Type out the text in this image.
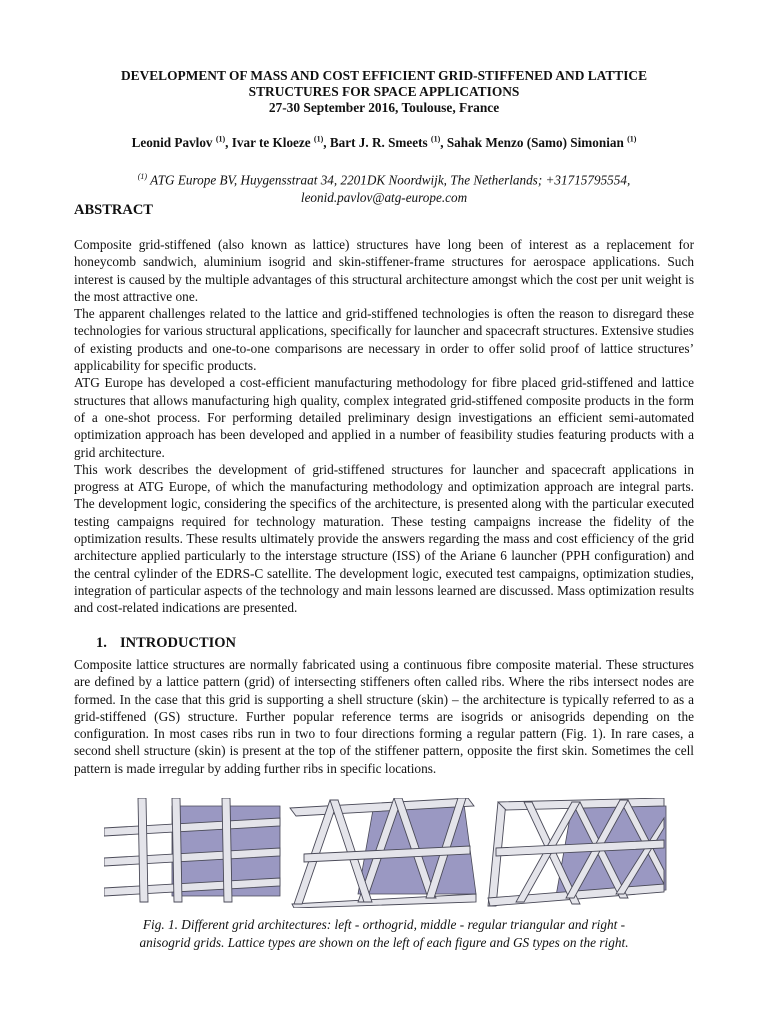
DEVELOPMENT OF MASS AND COST EFFICIENT GRID-STIFFENED AND LATTICE
STRUCTURES FOR SPACE APPLICATIONS
27-30 September 2016, Toulouse, France
Leonid Pavlov $^{(1)}$, Ivar te Kloeze $^{(1)}$, Bart J. R. Smeets $^{(1)}$, Sahak Menzo (Samo) Simonian $^{(1)}$
$^{(1)}$ ATG Europe BV, Huygensstraat 34, 2201DK Noordwijk, The Netherlands; +31715795554,
leonid.pavlov@atg-europe.com
ABSTRACT

Composite grid-stiffened (also known as lattice) structures have long been of interest as a replacement for honeycomb sandwich, aluminium isogrid and skin-stiffener-frame structures for aerospace applications. Such interest is caused by the multiple advantages of this structural architecture amongst which the cost per unit weight is the most attractive one.

The apparent challenges related to the lattice and grid-stiffened technologies is often the reason to disregard these technologies for various structural applications, specifically for launcher and spacecraft structures. Extensive studies of existing products and one-to-one comparisons are necessary in order to offer solid proof of lattice structures’ applicability for specific products.

ATG Europe has developed a cost-efficient manufacturing methodology for fibre placed grid-stiffened and lattice structures that allows manufacturing high quality, complex integrated grid-stiffened composite products in the form of a one-shot process. For performing detailed preliminary design investigations an efficient semi-automated optimization approach has been developed and applied in a number of feasibility studies featuring products with a grid architecture.

This work describes the development of grid-stiffened structures for launcher and spacecraft applications in progress at ATG Europe, of which the manufacturing methodology and optimization approach are integral parts. The development logic, considering the specifics of the architecture, is presented along with the particular executed testing campaigns required for technology maturation. These testing campaigns increase the fidelity of the optimization results. These results ultimately provide the answers regarding the mass and cost efficiency of the grid architecture applied particularly to the interstage structure (ISS) of the Ariane 6 launcher (PPH configuration) and the central cylinder of the EDRS-C satellite. The development logic, executed test campaigns, optimization studies, integration of particular aspects of the technology and main lessons learned are discussed. Mass optimization results and cost-related indications are presented.

1. INTRODUCTION

Composite lattice structures are normally fabricated using a continuous fibre composite material. These structures are defined by a lattice pattern (grid) of intersecting stiffeners often called ribs. Where the ribs intersect nodes are formed. In the case that this grid is supporting a shell structure (skin) – the architecture is typically referred to as a grid-stiffened (GS) structure. Further popular reference terms are isogrids or anisogrids depending on the configuration. In most cases ribs run in two to four directions forming a regular pattern (Fig. 1). In rare cases, a second shell structure (skin) is present at the top of the stiffener pattern, opposite the first skin. Sometimes the cell pattern is made irregular by adding further ribs in specific locations.

Fig. 1. Different grid architectures: left - orthogrid, middle - regular triangular and right -
anisogrid grids. Lattice types are shown on the left of each figure and GS types on the right.
